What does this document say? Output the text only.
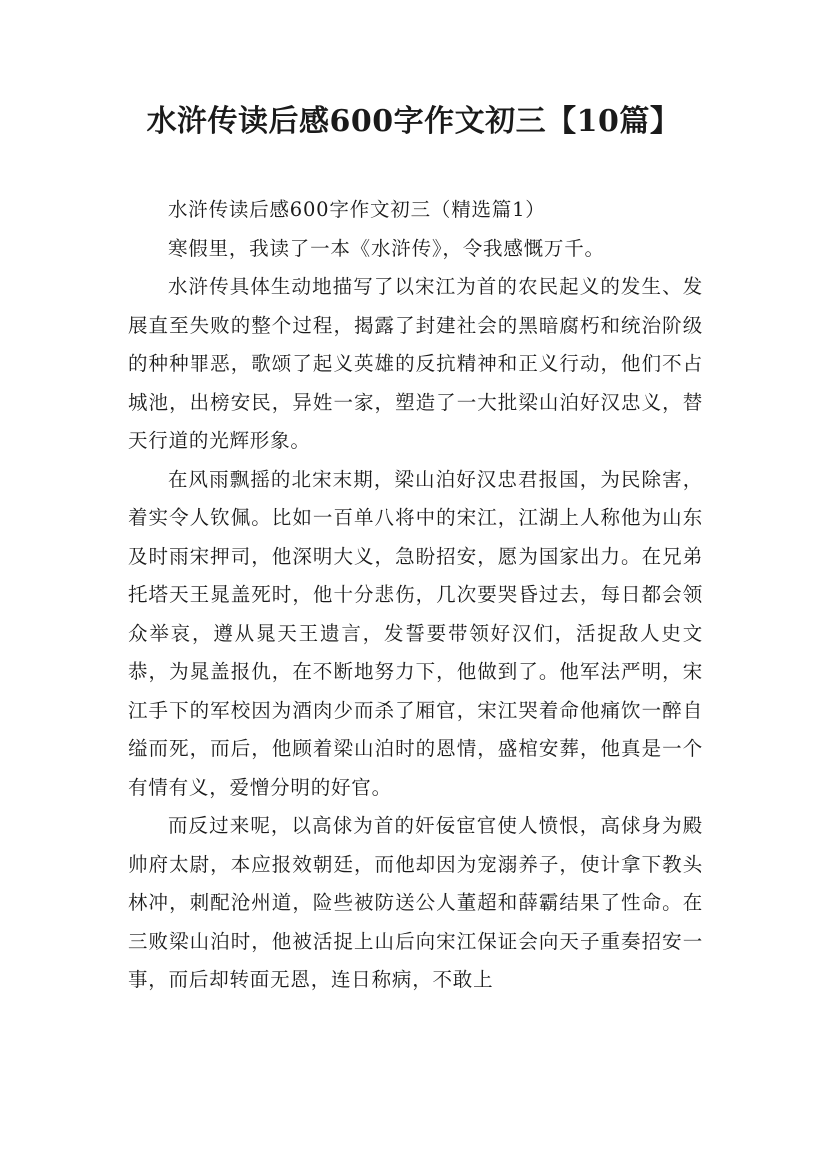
水浒传读后感600字作文初三【10篇】

水浒传读后感600字作文初三（精选篇1）

寒假里，我读了一本《水浒传》，令我感慨万千。

水浒传具体生动地描写了以宋江为首的农民起义的发生、发展直至失败的整个过程，揭露了封建社会的黑暗腐朽和统治阶级的种种罪恶，歌颂了起义英雄的反抗精神和正义行动，他们不占城池，出榜安民，异姓一家，塑造了一大批梁山泊好汉忠义，替天行道的光辉形象。

在风雨飘摇的北宋末期，梁山泊好汉忠君报国，为民除害，着实令人钦佩。比如一百单八将中的宋江，江湖上人称他为山东及时雨宋押司，他深明大义，急盼招安，愿为国家出力。在兄弟托塔天王晁盖死时，他十分悲伤，几次要哭昏过去，每日都会领众举哀，遵从晁天王遗言，发誓要带领好汉们，活捉敌人史文恭，为晁盖报仇，在不断地努力下，他做到了。他军法严明，宋江手下的军校因为酒肉少而杀了厢官，宋江哭着命他痛饮一醉自缢而死，而后，他顾着梁山泊时的恩情，盛棺安葬，他真是一个有情有义，爱憎分明的好官。

而反过来呢，以高俅为首的奸佞宦官使人愤恨，高俅身为殿帅府太尉，本应报效朝廷，而他却因为宠溺养子，使计拿下教头林冲，刺配沧州道，险些被防送公人董超和薛霸结果了性命。在三败梁山泊时，他被活捉上山后向宋江保证会向天子重奏招安一事，而后却转面无恩，连日称病，不敢上
